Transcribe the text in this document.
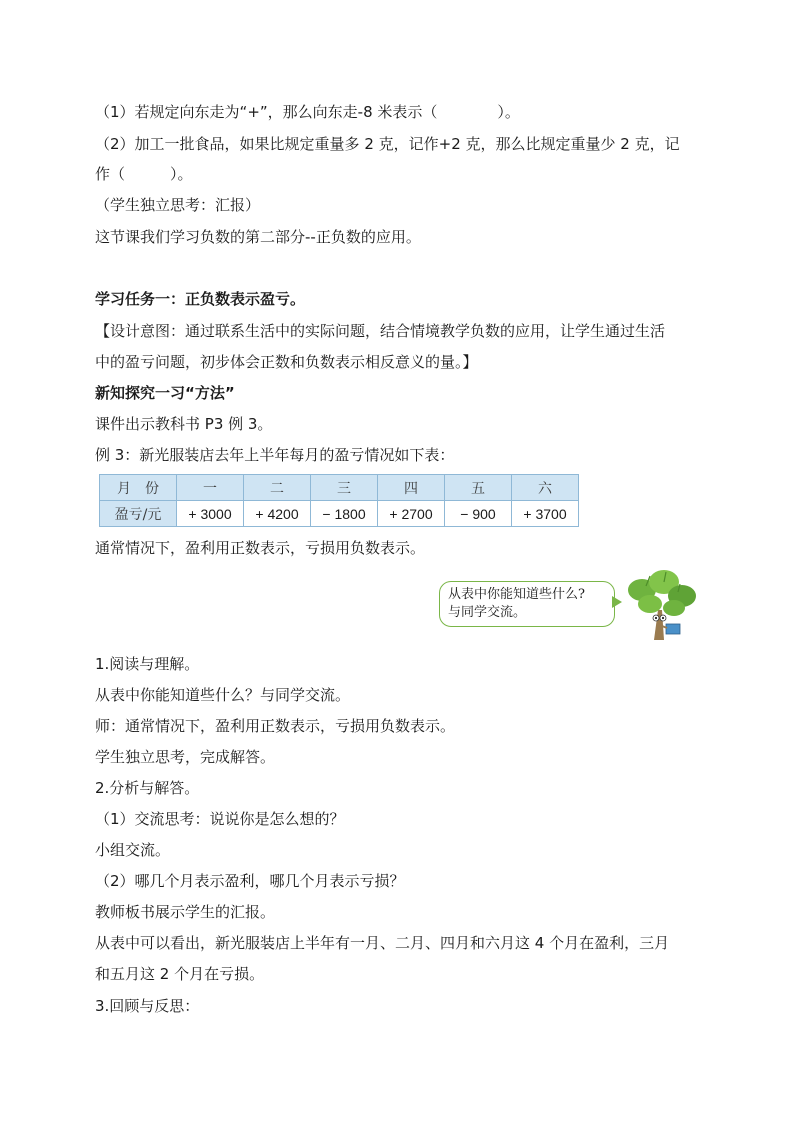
（1）若规定向东走为“+”，那么向东走-8 米表示（　　　　）。
（2）加工一批食品，如果比规定重量多 2 克，记作+2 克，那么比规定重量少 2 克，记
作（　　　）。
（学生独立思考：汇报）
这节课我们学习负数的第二部分--正负数的应用。
学习任务一：正负数表示盈亏。
【设计意图：通过联系生活中的实际问题，结合情境教学负数的应用，让学生通过生活
中的盈亏问题，初步体会正数和负数表示相反意义的量。】
新知探究一习“方法”
课件出示教科书 P3 例 3。
例 3：新光服装店去年上半年每月的盈亏情况如下表：
月　份	一	二	三	四	五	六
盈亏/元	+ 3000	+ 4200	− 1800	+ 2700	− 900	+ 3700
通常情况下，盈利用正数表示，亏损用负数表示。
从表中你能知道些什么?
与同学交流。
1.阅读与理解。
从表中你能知道些什么？与同学交流。
师：通常情况下，盈利用正数表示，亏损用负数表示。
学生独立思考，完成解答。
2.分析与解答。
（1）交流思考：说说你是怎么想的？
小组交流。
（2）哪几个月表示盈利，哪几个月表示亏损？
教师板书展示学生的汇报。
从表中可以看出，新光服装店上半年有一月、二月、四月和六月这 4 个月在盈利，三月
和五月这 2 个月在亏损。
3.回顾与反思：
